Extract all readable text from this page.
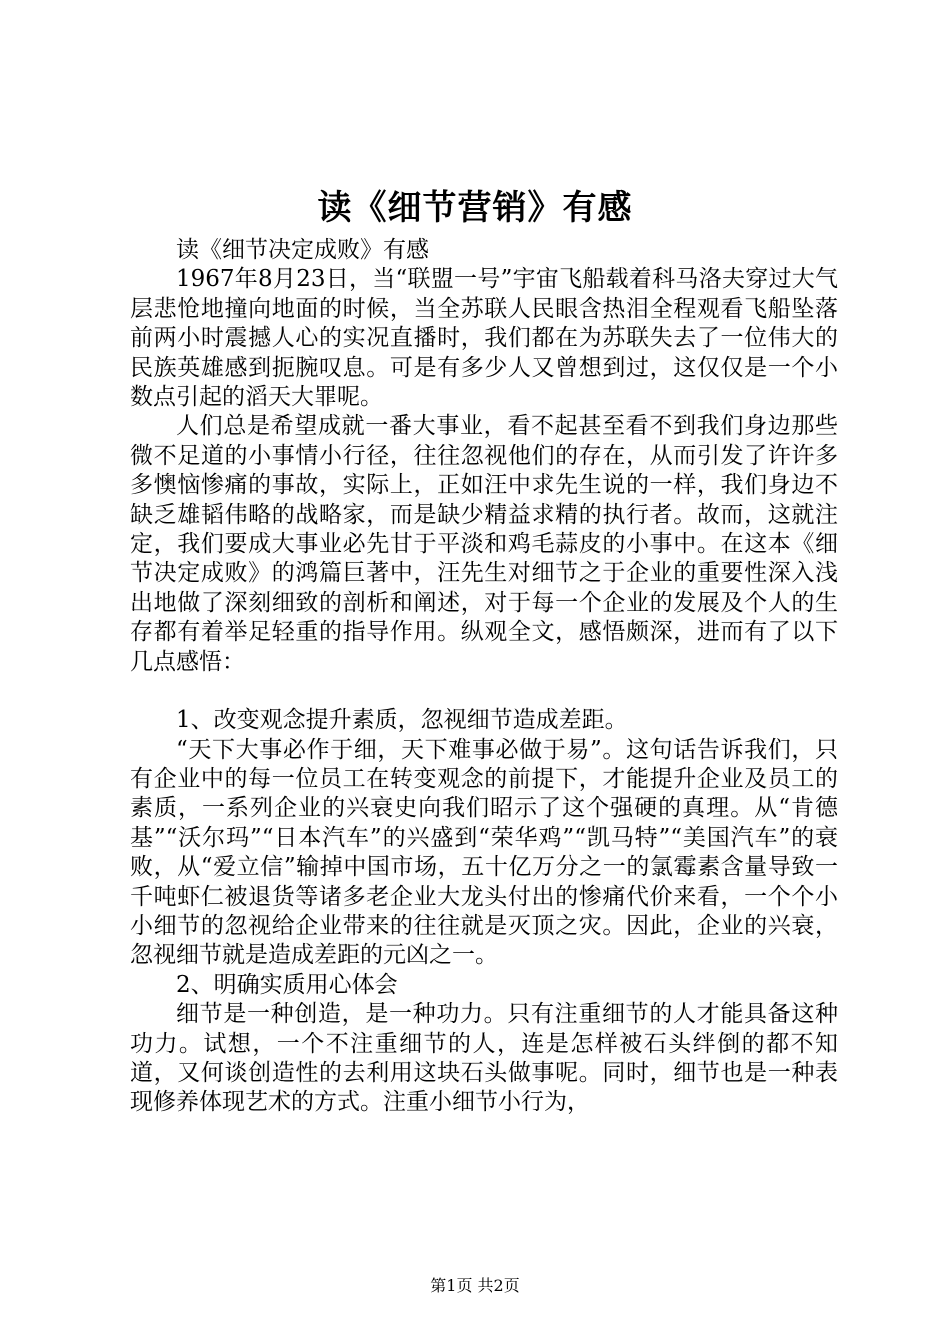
读《细节营销》有感

读《细节决定成败》有感

1967年8月23日，当“联盟一号”宇宙飞船载着科马洛夫穿过大气层悲怆地撞向地面的时候，当全苏联人民眼含热泪全程观看飞船坠落前两小时震撼人心的实况直播时，我们都在为苏联失去了一位伟大的民族英雄感到扼腕叹息。可是有多少人又曾想到过，这仅仅是一个小数点引起的滔天大罪呢。

人们总是希望成就一番大事业，看不起甚至看不到我们身边那些微不足道的小事情小行径，往往忽视他们的存在，从而引发了许许多多懊恼惨痛的事故，实际上，正如汪中求先生说的一样，我们身边不缺乏雄韬伟略的战略家，而是缺少精益求精的执行者。故而，这就注定，我们要成大事业必先甘于平淡和鸡毛蒜皮的小事中。在这本《细节决定成败》的鸿篇巨著中，汪先生对细节之于企业的重要性深入浅出地做了深刻细致的剖析和阐述，对于每一个企业的发展及个人的生存都有着举足轻重的指导作用。纵观全文，感悟颇深，进而有了以下几点感悟：

1、改变观念提升素质，忽视细节造成差距。

“天下大事必作于细，天下难事必做于易”。这句话告诉我们，只有企业中的每一位员工在转变观念的前提下，才能提升企业及员工的素质，一系列企业的兴衰史向我们昭示了这个强硬的真理。从“肯德基”“沃尔玛”“日本汽车”的兴盛到“荣华鸡”“凯马特”“美国汽车”的衰败，从“爱立信”输掉中国市场，五十亿万分之一的氯霉素含量导致一千吨虾仁被退货等诸多老企业大龙头付出的惨痛代价来看，一个个小小细节的忽视给企业带来的往往就是灭顶之灾。因此，企业的兴衰，忽视细节就是造成差距的元凶之一。

2、明确实质用心体会

细节是一种创造，是一种功力。只有注重细节的人才能具备这种功力。试想，一个不注重细节的人，连是怎样被石头绊倒的都不知道，又何谈创造性的去利用这块石头做事呢。同时，细节也是一种表现修养体现艺术的方式。注重小细节小行为，

第1页 共2页
